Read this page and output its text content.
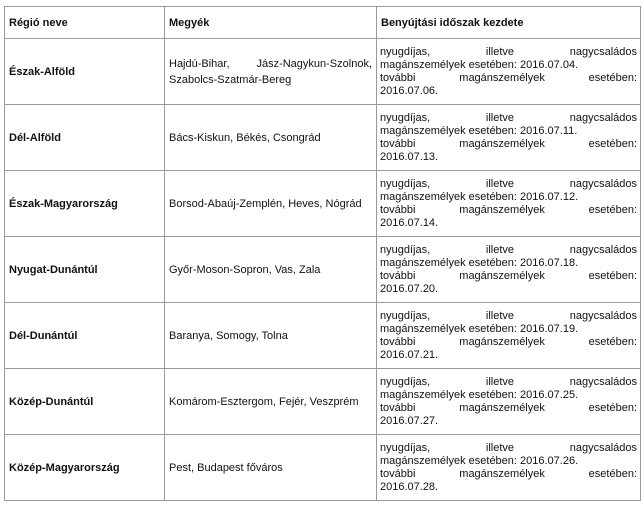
Régió neve	Megyék	Benyújtási időszak kezdete
Észak-Alföld	Hajdú-Bihar, Jász-Nagykun-Szolnok, Szabolcs-Szatmár-Bereg	nyugdíjas, illetve nagycsaládos
magánszemélyek esetében: 2016.07.04.
további magánszemélyek esetében:
2016.07.06.

Dél-Alföld	Bács-Kiskun, Békés, Csongrád	nyugdíjas, illetve nagycsaládos
magánszemélyek esetében: 2016.07.11.
további magánszemélyek esetében:
2016.07.13.

Észak-Magyarország	Borsod-Abaúj-Zemplén, Heves, Nógrád	nyugdíjas, illetve nagycsaládos
magánszemélyek esetében: 2016.07.12.
további magánszemélyek esetében:
2016.07.14.

Nyugat-Dunántúl	Győr-Moson-Sopron, Vas, Zala	nyugdíjas, illetve nagycsaládos
magánszemélyek esetében: 2016.07.18.
további magánszemélyek esetében:
2016.07.20.

Dél-Dunántúl	Baranya, Somogy, Tolna	nyugdíjas, illetve nagycsaládos
magánszemélyek esetében: 2016.07.19.
további magánszemélyek esetében:
2016.07.21.

Közép-Dunántúl	Komárom-Esztergom, Fejér, Veszprém	nyugdíjas, illetve nagycsaládos
magánszemélyek esetében: 2016.07.25.
további magánszemélyek esetében:
2016.07.27.

Közép-Magyarország	Pest, Budapest főváros	nyugdíjas, illetve nagycsaládos
magánszemélyek esetében: 2016.07.26.
további magánszemélyek esetében:
2016.07.28.
